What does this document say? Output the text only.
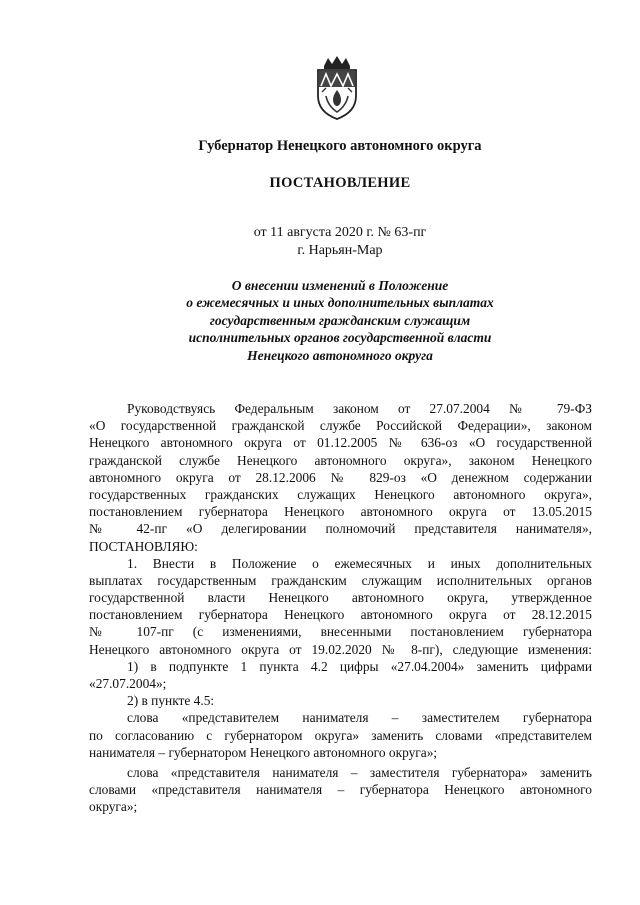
Губернатор Ненецкого автономного округа
ПОСТАНОВЛЕНИЕ
от 11 августа 2020 г. № 63-пг
г. Нарьян-Мар
О внесении изменений в Положение
о ежемесячных и иных дополнительных выплатах
государственным гражданским служащим
исполнительных органов государственной власти
Ненецкого автономного округа
Руководствуясь Федеральным законом от 27.07.2004 № 79-ФЗ
«О государственной гражданской службе Российской Федерации», законом
Ненецкого автономного округа от 01.12.2005 № 636-оз «О государственной
гражданской службе Ненецкого автономного округа», законом Ненецкого
автономного округа от 28.12.2006 № 829-оз «О денежном содержании
государственных гражданских служащих Ненецкого автономного округа»,
постановлением губернатора Ненецкого автономного округа от 13.05.2015
№ 42-пг «О делегировании полномочий представителя нанимателя»,
ПОСТАНОВЛЯЮ:
1. Внести в Положение о ежемесячных и иных дополнительных
выплатах государственным гражданским служащим исполнительных органов
государственной власти Ненецкого автономного округа, утвержденное
постановлением губернатора Ненецкого автономного округа от 28.12.2015
№ 107-пг (с изменениями, внесенными постановлением губернатора
Ненецкого автономного округа от 19.02.2020 № 8-пг), следующие изменения:
1) в подпункте 1 пункта 4.2 цифры «27.04.2004» заменить цифрами
«27.07.2004»;
2) в пункте 4.5:
слова «представителем нанимателя – заместителем губернатора
по согласованию с губернатором округа» заменить словами «представителем
нанимателя – губернатором Ненецкого автономного округа»;
слова «представителя нанимателя – заместителя губернатора» заменить
словами «представителя нанимателя – губернатора Ненецкого автономного
округа»;
